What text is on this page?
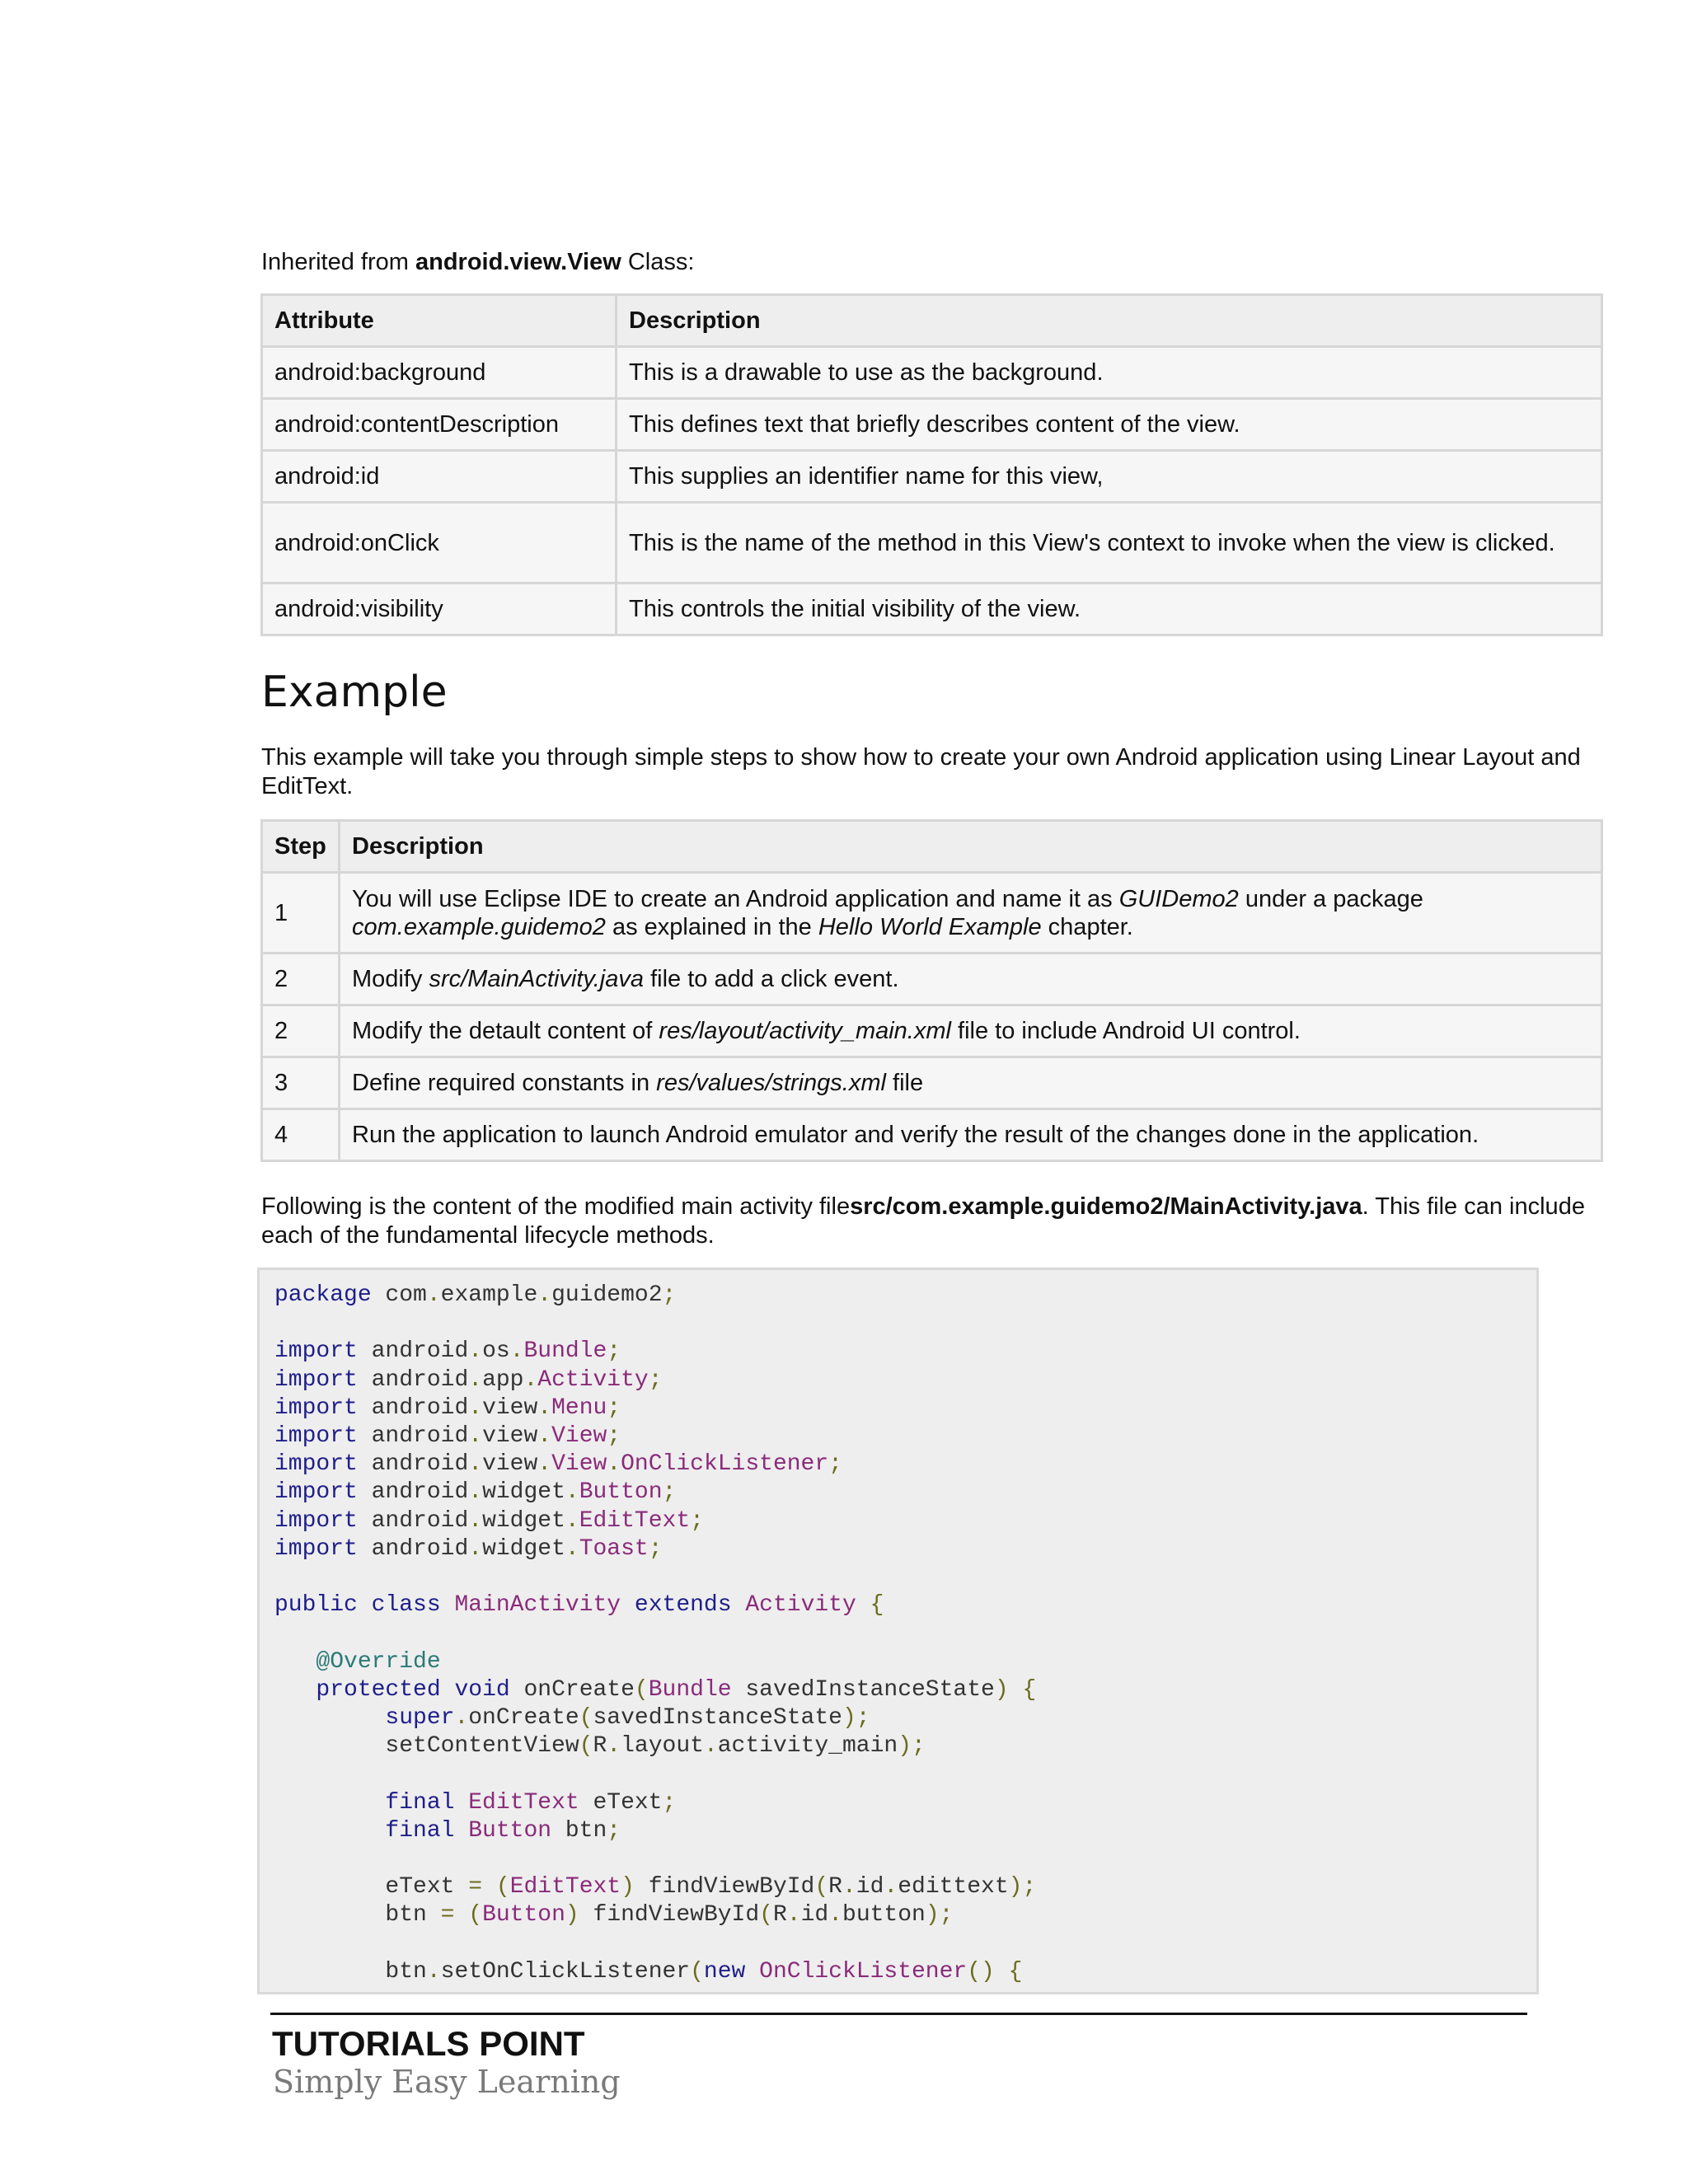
Inherited from android.view.View Class:
Attribute	Description
android:background	This is a drawable to use as the background.
android:contentDescription	This defines text that briefly describes content of the view.
android:id	This supplies an identifier name for this view,
android:onClick	This is the name of the method in this View's context to invoke when the view is clicked.
android:visibility	This controls the initial visibility of the view.
Example
This example will take you through simple steps to show how to create your own Android application using Linear Layout and EditText.
Step	Description
1	You will use Eclipse IDE to create an Android application and name it as GUIDemo2 under a package com.example.guidemo2 as explained in the Hello World Example chapter.
2	Modify src/MainActivity.java file to add a click event.
2	Modify the detault content of res/layout/activity_main.xml file to include Android UI control.
3	Define required constants in res/values/strings.xml file
4	Run the application to launch Android emulator and verify the result of the changes done in the application.
Following is the content of the modified main activity filesrc/com.example.guidemo2/MainActivity.java. This file can include each of the fundamental lifecycle methods.
package com.example.guidemo2;

import android.os.Bundle;
import android.app.Activity;
import android.view.Menu;
import android.view.View;
import android.view.View.OnClickListener;
import android.widget.Button;
import android.widget.EditText;
import android.widget.Toast;

public class MainActivity extends Activity {

@Override
protected void onCreate(Bundle savedInstanceState) {
super.onCreate(savedInstanceState);
setContentView(R.layout.activity_main);

final EditText eText;
final Button btn;

eText = (EditText) findViewById(R.id.edittext);
btn = (Button) findViewById(R.id.button);

btn.setOnClickListener(new OnClickListener() {
TUTORIALS POINT
Simply Easy Learning
